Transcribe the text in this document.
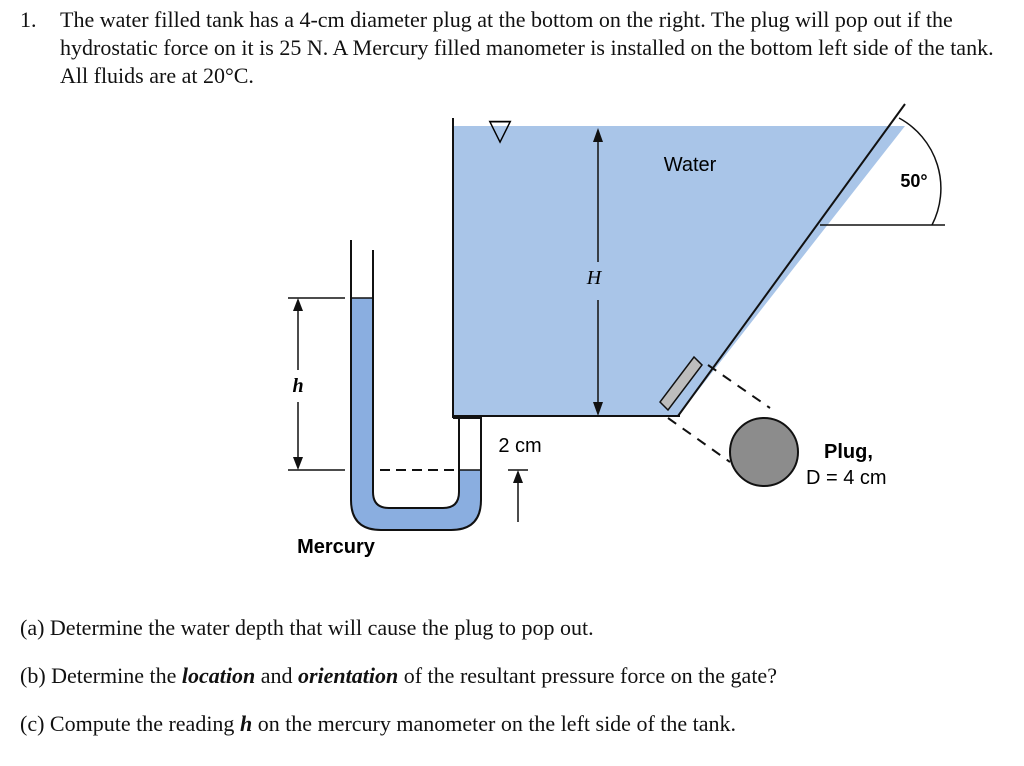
1. The water filled tank has a 4-cm diameter plug at the bottom on the right. The plug will pop out if the hydrostatic force on it is 25 N. A Mercury filled manometer is installed on the bottom left side of the tank. All fluids are at 20°C.
▽
H
Water
50°
Plug,
D = 4 cm
h
2 cm
Mercury
(a) Determine the water depth that will cause the plug to pop out.
(b) Determine the location and orientation of the resultant pressure force on the gate?
(c) Compute the reading h on the mercury manometer on the left side of the tank.
